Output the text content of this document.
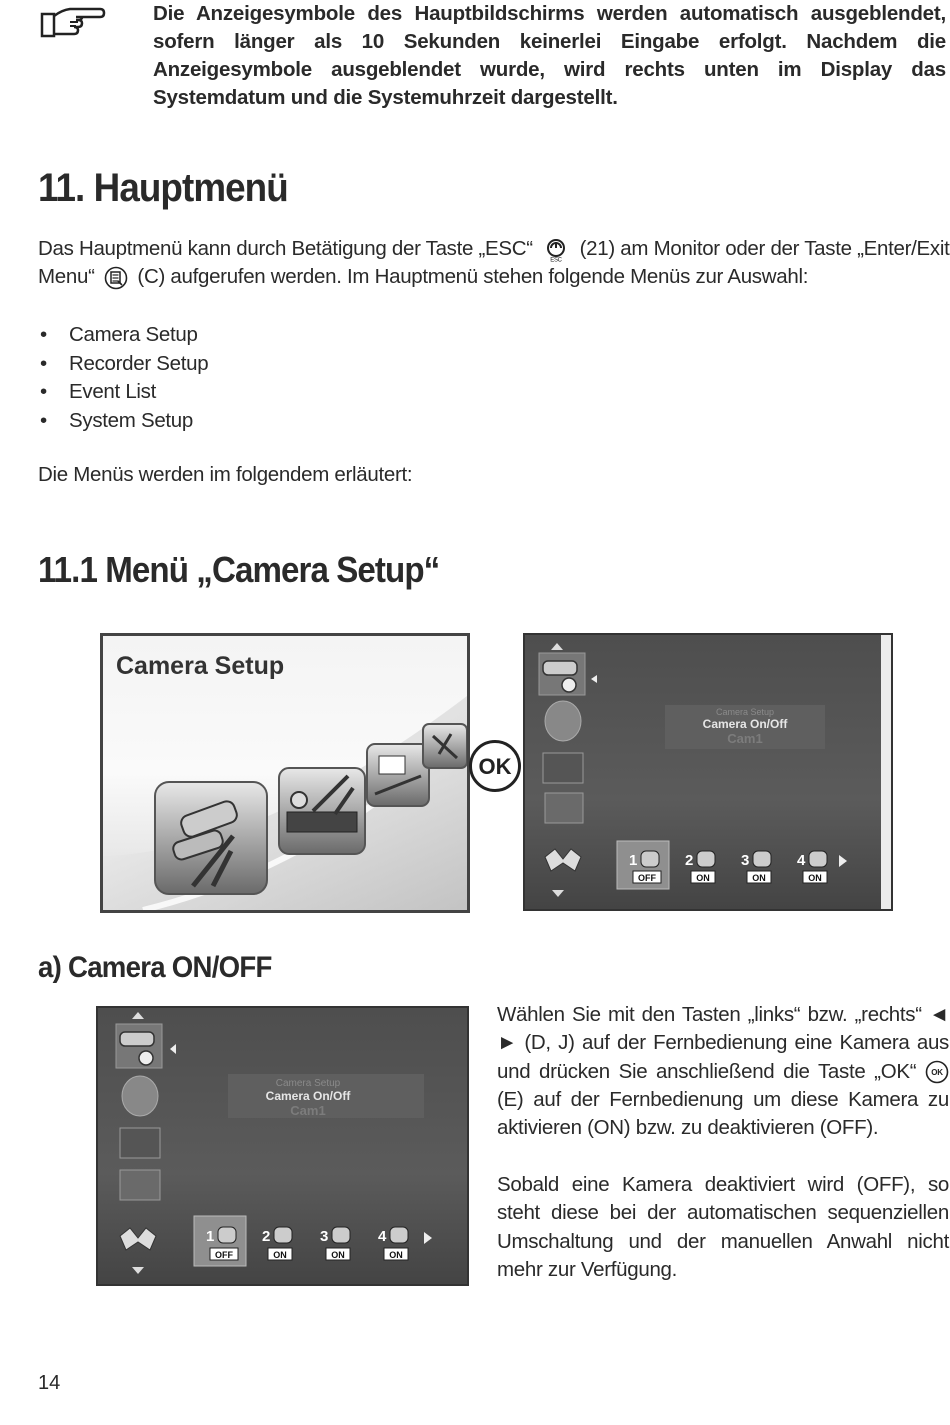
Die Anzeigesymbole des Hauptbildschirms werden automatisch ausgeblendet, sofern länger als 10 Sekunden keinerlei Eingabe erfolgt. Nachdem die Anzeigesymbole ausgeblendet wurde, wird rechts unten im Display das Systemdatum und die Systemuhrzeit dargestellt.
11. Hauptmenü
Das Hauptmenü kann durch Betätigung der Taste „ESC“
ESC
(21) am Monitor oder der Taste „Enter/Exit
Menu“ (C) aufgerufen werden. Im Hauptmenü stehen folgende Menüs zur Auswahl:
• Camera Setup
• Recorder Setup
• Event List
• System Setup
Die Menüs werden im folgendem erläutert:
11.1 Menü „Camera Setup“
Camera Setup
OK
Camera Setup
Camera On/Off
Cam1
1
OFF
2
ON
3
ON
4
ON
a) Camera ON/OFF
Camera Setup
Camera On/Off
Cam1
1
OFF
2
ON
3
ON
4
ON
Wählen Sie mit den Tasten „links“ bzw. „rechts“ ◄ ► (D, J) auf der Fernbedienung eine Kamera aus und drücken Sie anschließend die Taste „OK“ OK
(E) auf der Fernbedienung um diese Kamera zu aktivieren (ON) bzw. zu deaktivieren (OFF).
Sobald eine Kamera deaktiviert wird (OFF), so steht diese bei der automatischen sequenziellen Umschaltung und der manuellen Anwahl nicht mehr zur Verfügung.
14
